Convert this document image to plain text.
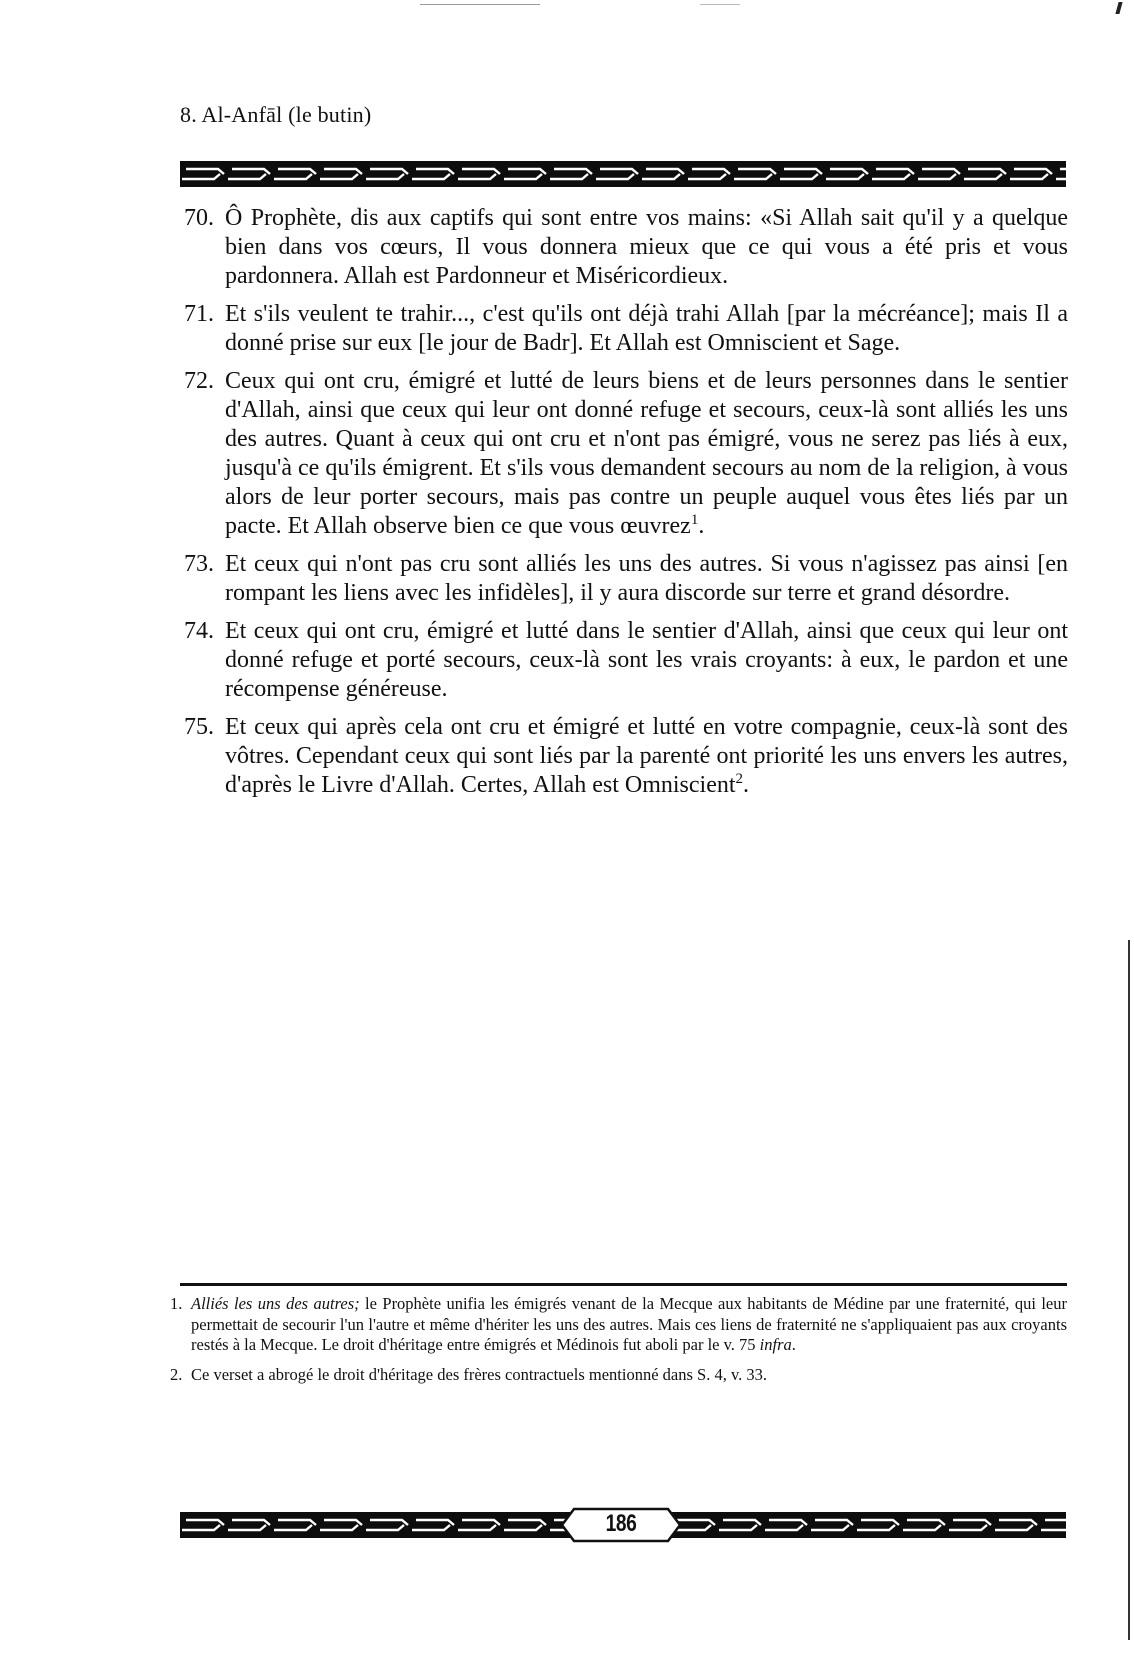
8. Al-Anfāl (le butin)
70. Ô Prophète, dis aux captifs qui sont entre vos mains: «Si Allah sait qu'il y a quelque bien dans vos cœurs, Il vous donnera mieux que ce qui vous a été pris et vous pardonnera. Allah est Pardonneur et Miséricordieux.
71. Et s'ils veulent te trahir..., c'est qu'ils ont déjà trahi Allah [par la mécréance]; mais Il a donné prise sur eux [le jour de Badr]. Et Allah est Omniscient et Sage.
72. Ceux qui ont cru, émigré et lutté de leurs biens et de leurs personnes dans le sentier d'Allah, ainsi que ceux qui leur ont donné refuge et secours, ceux-là sont alliés les uns des autres. Quant à ceux qui ont cru et n'ont pas émigré, vous ne serez pas liés à eux, jusqu'à ce qu'ils émigrent. Et s'ils vous demandent secours au nom de la religion, à vous alors de leur porter secours, mais pas contre un peuple auquel vous êtes liés par un pacte. Et Allah observe bien ce que vous œuvrez$^1$.
73. Et ceux qui n'ont pas cru sont alliés les uns des autres. Si vous n'agissez pas ainsi [en rompant les liens avec les infidèles], il y aura discorde sur terre et grand désordre.
74. Et ceux qui ont cru, émigré et lutté dans le sentier d'Allah, ainsi que ceux qui leur ont donné refuge et porté secours, ceux-là sont les vrais croyants: à eux, le pardon et une récompense généreuse.
75. Et ceux qui après cela ont cru et émigré et lutté en votre compagnie, ceux-là sont des vôtres. Cependant ceux qui sont liés par la parenté ont priorité les uns envers les autres, d'après le Livre d'Allah. Certes, Allah est Omniscient$^2$.
1. Alliés les uns des autres; le Prophète unifia les émigrés venant de la Mecque aux habitants de Médine par une fraternité, qui leur permettait de secourir l'un l'autre et même d'hériter les uns des autres. Mais ces liens de fraternité ne s'appliquaient pas aux croyants restés à la Mecque. Le droit d'héritage entre émigrés et Médinois fut aboli par le v. 75 infra.
2. Ce verset a abrogé le droit d'héritage des frères contractuels mentionné dans S. 4, v. 33.
186
